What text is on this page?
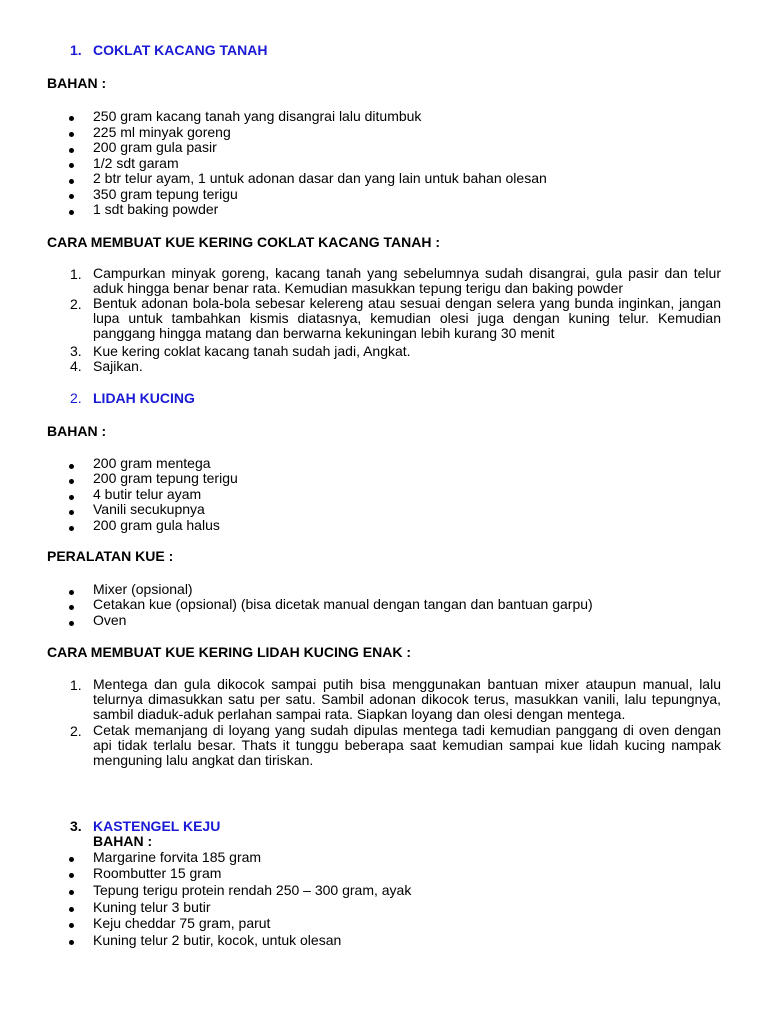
1. COKLAT KACANG TANAH
BAHAN :
250 gram kacang tanah yang disangrai lalu ditumbuk
225 ml minyak goreng
200 gram gula pasir
1/2 sdt garam
2 btr telur ayam, 1 untuk adonan dasar dan yang lain untuk bahan olesan
350 gram tepung terigu
1 sdt baking powder
CARA MEMBUAT KUE KERING COKLAT KACANG TANAH :
1. Campurkan minyak goreng, kacang tanah yang sebelumnya sudah disangrai, gula pasir dan telur
aduk hingga benar benar rata. Kemudian masukkan tepung terigu dan baking powder
2. Bentuk adonan bola-bola sebesar kelereng atau sesuai dengan selera yang bunda inginkan, jangan
lupa untuk tambahkan kismis diatasnya, kemudian olesi juga dengan kuning telur. Kemudian
panggang hingga matang dan berwarna kekuningan lebih kurang 30 menit
3. Kue kering coklat kacang tanah sudah jadi, Angkat.
4. Sajikan.
2. LIDAH KUCING
BAHAN :
200 gram mentega
200 gram tepung terigu
4 butir telur ayam
Vanili secukupnya
200 gram gula halus
PERALATAN KUE :
Mixer (opsional)
Cetakan kue (opsional) (bisa dicetak manual dengan tangan dan bantuan garpu)
Oven
CARA MEMBUAT KUE KERING LIDAH KUCING ENAK :
1. Mentega dan gula dikocok sampai putih bisa menggunakan bantuan mixer ataupun manual, lalu
telurnya dimasukkan satu per satu. Sambil adonan dikocok terus, masukkan vanili, lalu tepungnya,
sambil diaduk-aduk perlahan sampai rata. Siapkan loyang dan olesi dengan mentega.
2. Cetak memanjang di loyang yang sudah dipulas mentega tadi kemudian panggang di oven dengan
api tidak terlalu besar. Thats it tunggu beberapa saat kemudian sampai kue lidah kucing nampak
menguning lalu angkat dan tiriskan.
3. KASTENGEL KEJU
BAHAN :
Margarine forvita 185 gram
Roombutter 15 gram
Tepung terigu protein rendah 250 – 300 gram, ayak
Kuning telur 3 butir
Keju cheddar 75 gram, parut
Kuning telur 2 butir, kocok, untuk olesan
